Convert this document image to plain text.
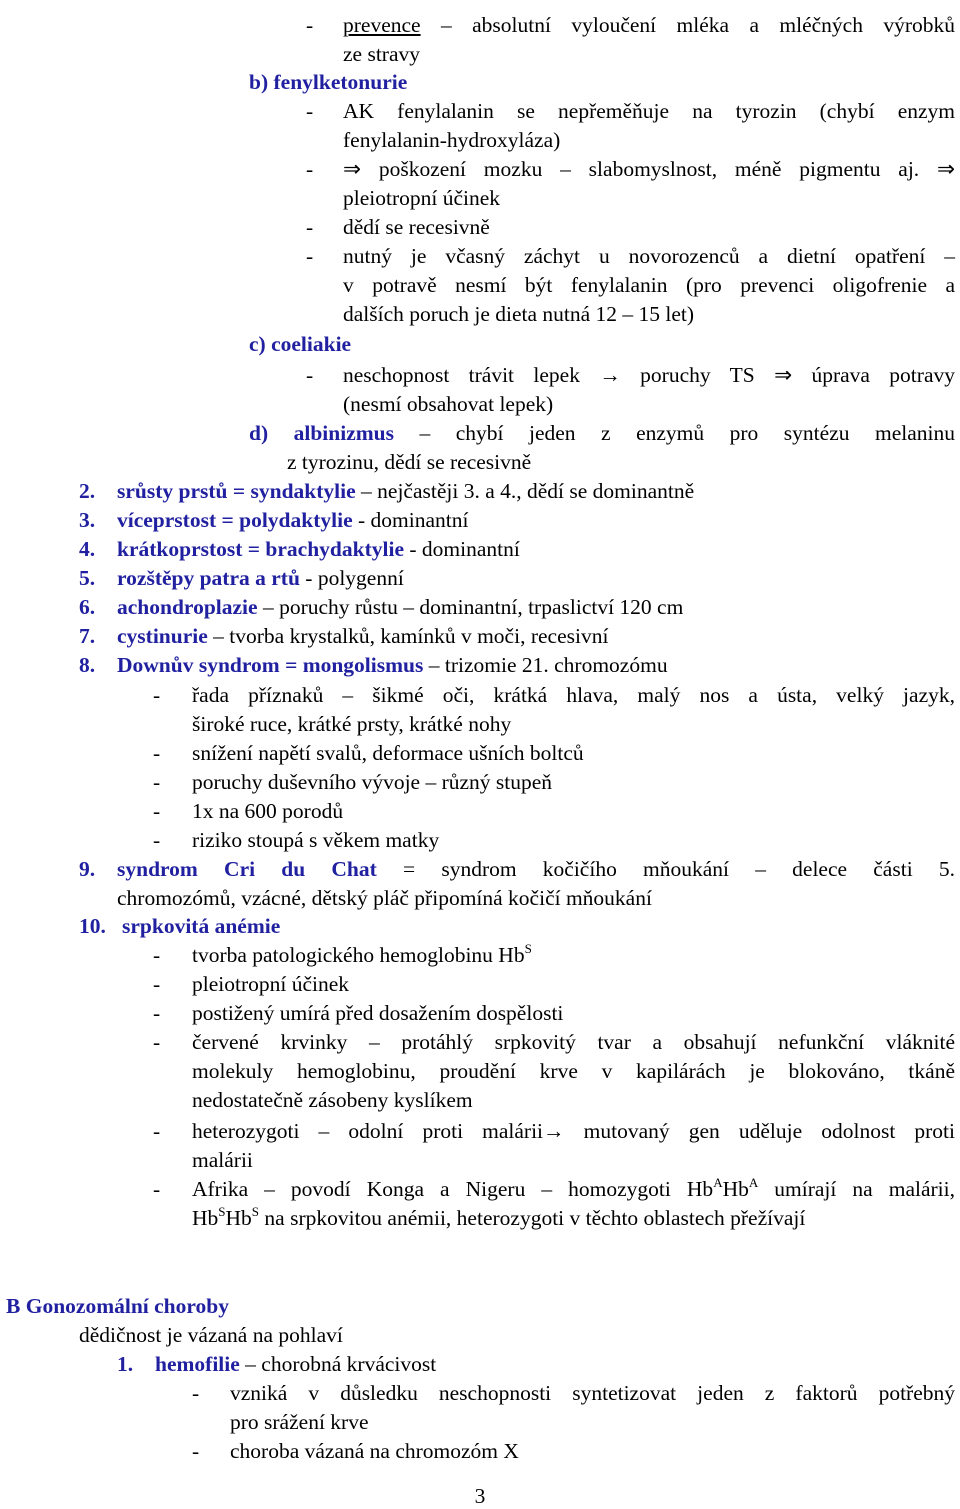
- prevence – absolutní vyloučení mléka a mléčných výrobků
ze stravy
b) fenylketonurie
- AK fenylalanin se nepřeměňuje na tyrozin (chybí enzym
fenylalanin-hydroxyláza)
- ⇒ poškození mozku – slabomyslnost, méně pigmentu aj. ⇒
pleiotropní účinek
- dědí se recesivně
- nutný je včasný záchyt u novorozenců a dietní opatření –
v potravě nesmí být fenylalanin (pro prevenci oligofrenie a
dalších poruch je dieta nutná 12 – 15 let)
c) coeliakie
- neschopnost trávit lepek → poruchy TS ⇒ úprava potravy
(nesmí obsahovat lepek)
d) albinizmus – chybí jeden z enzymů pro syntézu melaninu
z tyrozinu, dědí se recesivně
2. srůsty prstů = syndaktylie – nejčastěji 3. a 4., dědí se dominantně
3. víceprstost = polydaktylie - dominantní
4. krátkoprstost = brachydaktylie - dominantní
5. rozštěpy patra a rtů - polygenní
6. achondroplazie – poruchy růstu – dominantní, trpaslictví 120 cm
7. cystinurie – tvorba krystalků, kamínků v moči, recesivní
8. Downův syndrom = mongolismus – trizomie 21. chromozómu
- řada příznaků – šikmé oči, krátká hlava, malý nos a ústa, velký jazyk,
široké ruce, krátké prsty, krátké nohy
- snížení napětí svalů, deformace ušních boltců
- poruchy duševního vývoje – různý stupeň
- 1x na 600 porodů
- riziko stoupá s věkem matky
9. syndrom Cri du Chat = syndrom kočičího mňoukání – delece části 5.
chromozómů, vzácné, dětský pláč připomíná kočičí mňoukání
10. srpkovitá anémie
- tvorba patologického hemoglobinu $Hb^S$
- pleiotropní účinek
- postižený umírá před dosažením dospělosti
- červené krvinky – protáhlý srpkovitý tvar a obsahují nefunkční vláknité
molekuly hemoglobinu, proudění krve v kapilárách je blokováno, tkáně
nedostatečně zásobeny kyslíkem
- heterozygoti – odolní proti malárii→ mutovaný gen uděluje odolnost proti
malárii
- Afrika – povodí Konga a Nigeru – homozygoti $Hb^AHb^A$ umírají na malárii,
$Hb^SHb^S$ na srpkovitou anémii, heterozygoti v těchto oblastech přežívají
B Gonozomální choroby
dědičnost je vázaná na pohlaví
1. hemofilie – chorobná krvácivost
- vzniká v důsledku neschopnosti syntetizovat jeden z faktorů potřebný
pro srážení krve
- choroba vázaná na chromozóm X
3
